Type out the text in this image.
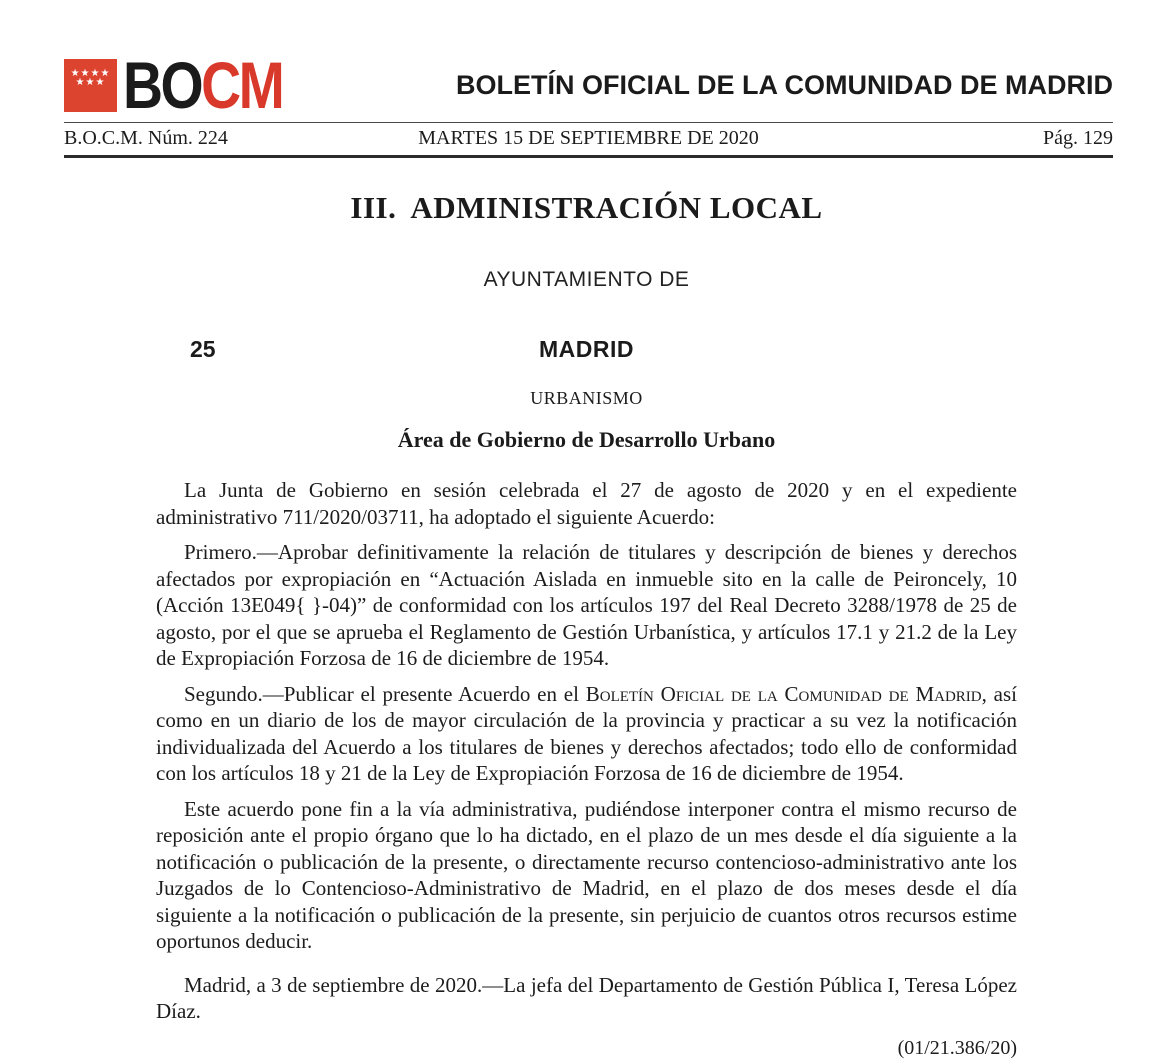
★★★★
★★★ BOCM	BOLETÍN OFICIAL DE LA COMUNIDAD DE MADRID
B.O.C.M. Núm. 224	MARTES 15 DE SEPTIEMBRE DE 2020	Pág. 129
III. ADMINISTRACIÓN LOCAL
AYUNTAMIENTO DE
25	MADRID
URBANISMO
Área de Gobierno de Desarrollo Urbano

La Junta de Gobierno en sesión celebrada el 27 de agosto de 2020 y en el expediente administrativo 711/2020/03711, ha adoptado el siguiente Acuerdo:

Primero.—Aprobar definitivamente la relación de titulares y descripción de bienes y derechos afectados por expropiación en “Actuación Aislada en inmueble sito en la calle de Peironcely, 10 (Acción 13E049{ }-04)” de conformidad con los artículos 197 del Real Decreto 3288/1978 de 25 de agosto, por el que se aprueba el Reglamento de Gestión Urbanística, y artículos 17.1 y 21.2 de la Ley de Expropiación Forzosa de 16 de diciembre de 1954.

Segundo.—Publicar el presente Acuerdo en el Boletín Oficial de la Comunidad de Madrid, así como en un diario de los de mayor circulación de la provincia y practicar a su vez la notificación individualizada del Acuerdo a los titulares de bienes y derechos afectados; todo ello de conformidad con los artículos 18 y 21 de la Ley de Expropiación Forzosa de 16 de diciembre de 1954.

Este acuerdo pone fin a la vía administrativa, pudiéndose interponer contra el mismo recurso de reposición ante el propio órgano que lo ha dictado, en el plazo de un mes desde el día siguiente a la notificación o publicación de la presente, o directamente recurso contencioso-administrativo ante los Juzgados de lo Contencioso-Administrativo de Madrid, en el plazo de dos meses desde el día siguiente a la notificación o publicación de la presente, sin perjuicio de cuantos otros recursos estime oportunos deducir.

Madrid, a 3 de septiembre de 2020.—La jefa del Departamento de Gestión Pública I, Teresa López Díaz.

(01/21.386/20)
